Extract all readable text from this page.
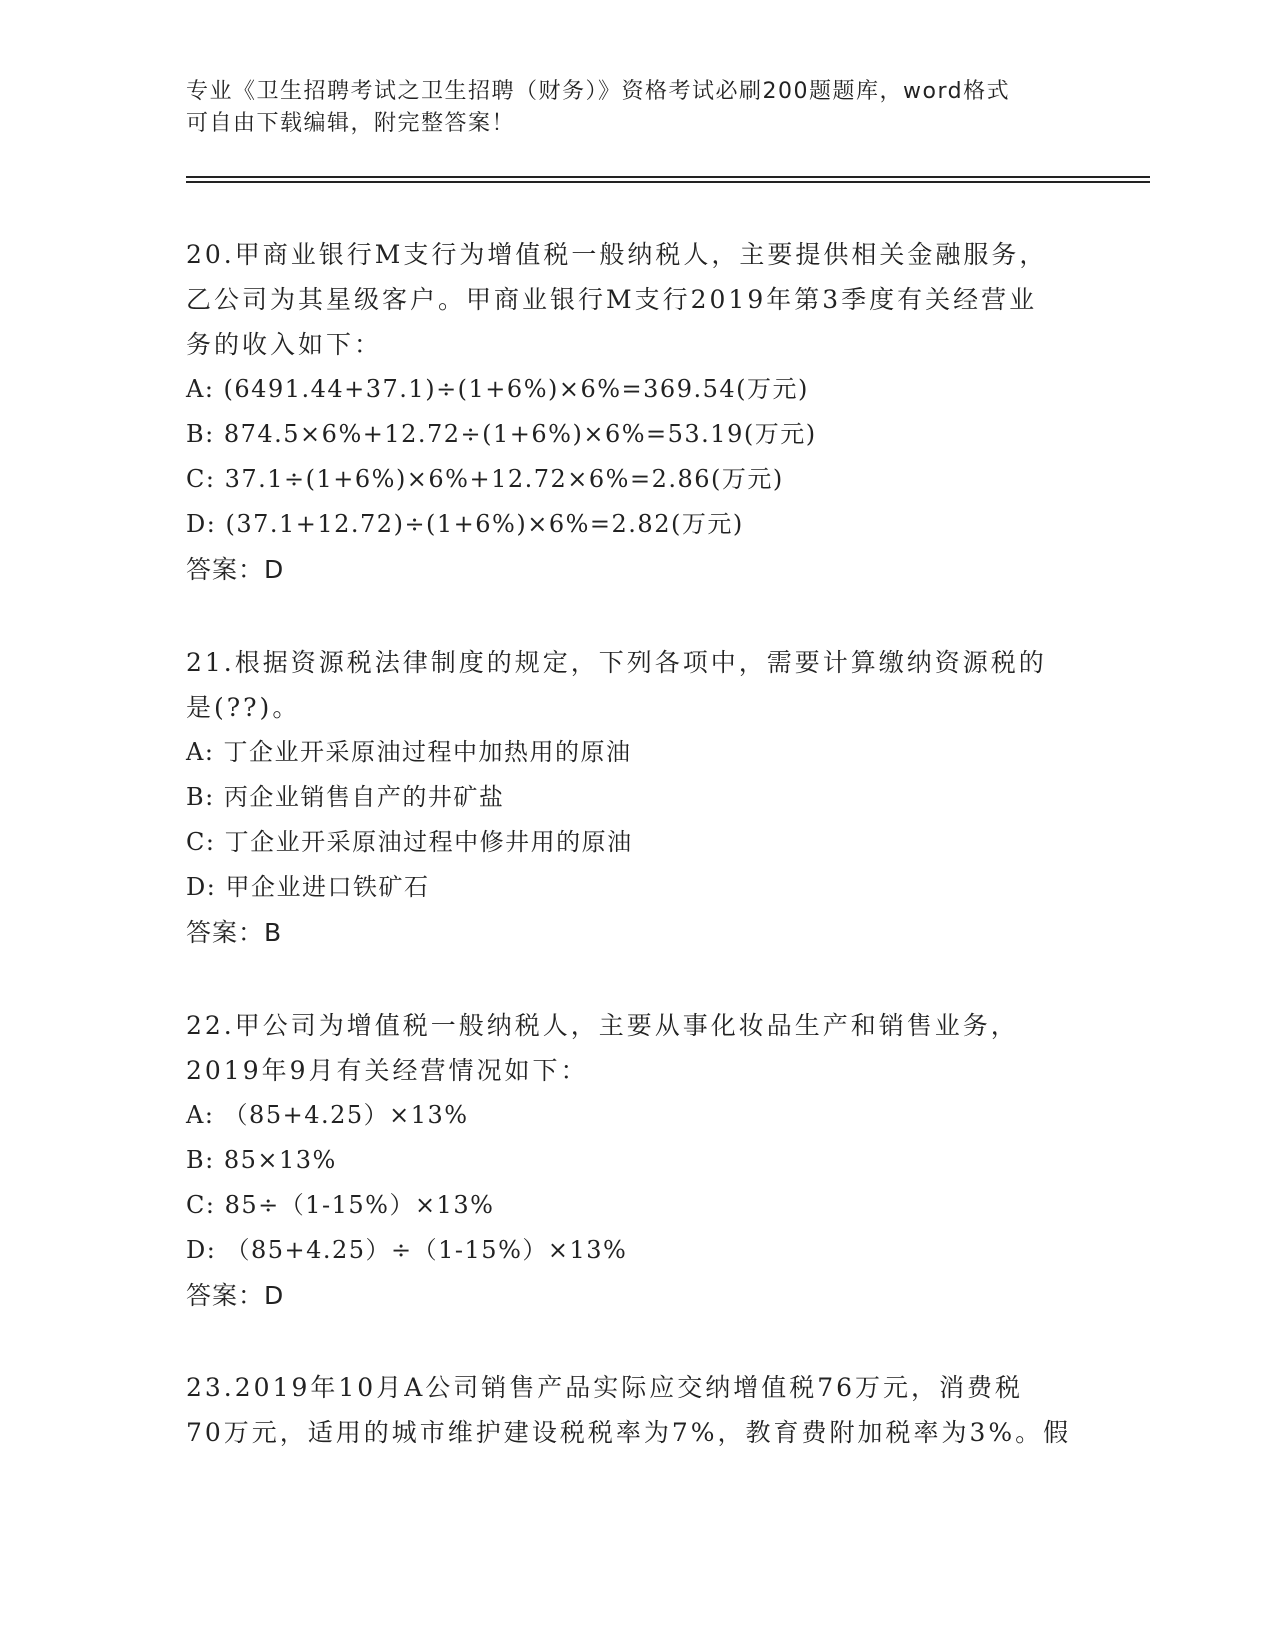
专业《卫生招聘考试之卫生招聘（财务）》资格考试必刷200题题库，word格式
可自由下载编辑，附完整答案！
20.甲商业银行M支行为增值税一般纳税人，主要提供相关金融服务，
乙公司为其星级客户。甲商业银行M支行2019年第3季度有关经营业
务的收入如下：
A: (6491.44+37.1)÷(1+6%)×6%=369.54(万元)
B: 874.5×6%+12.72÷(1+6%)×6%=53.19(万元)
C: 37.1÷(1+6%)×6%+12.72×6%=2.86(万元)
D: (37.1+12.72)÷(1+6%)×6%=2.82(万元)
答案：D
21.根据资源税法律制度的规定，下列各项中，需要计算缴纳资源税的
是(??)。
A: 丁企业开采原油过程中加热用的原油
B: 丙企业销售自产的井矿盐
C: 丁企业开采原油过程中修井用的原油
D: 甲企业进口铁矿石
答案：B
22.甲公司为增值税一般纳税人，主要从事化妆品生产和销售业务，
2019年9月有关经营情况如下：
A: （85+4.25）×13%
B: 85×13%
C: 85÷（1-15%）×13%
D: （85+4.25）÷（1-15%）×13%
答案：D
23.2019年10月A公司销售产品实际应交纳增值税76万元，消费税
70万元，适用的城市维护建设税税率为7%，教育费附加税率为3%。假
